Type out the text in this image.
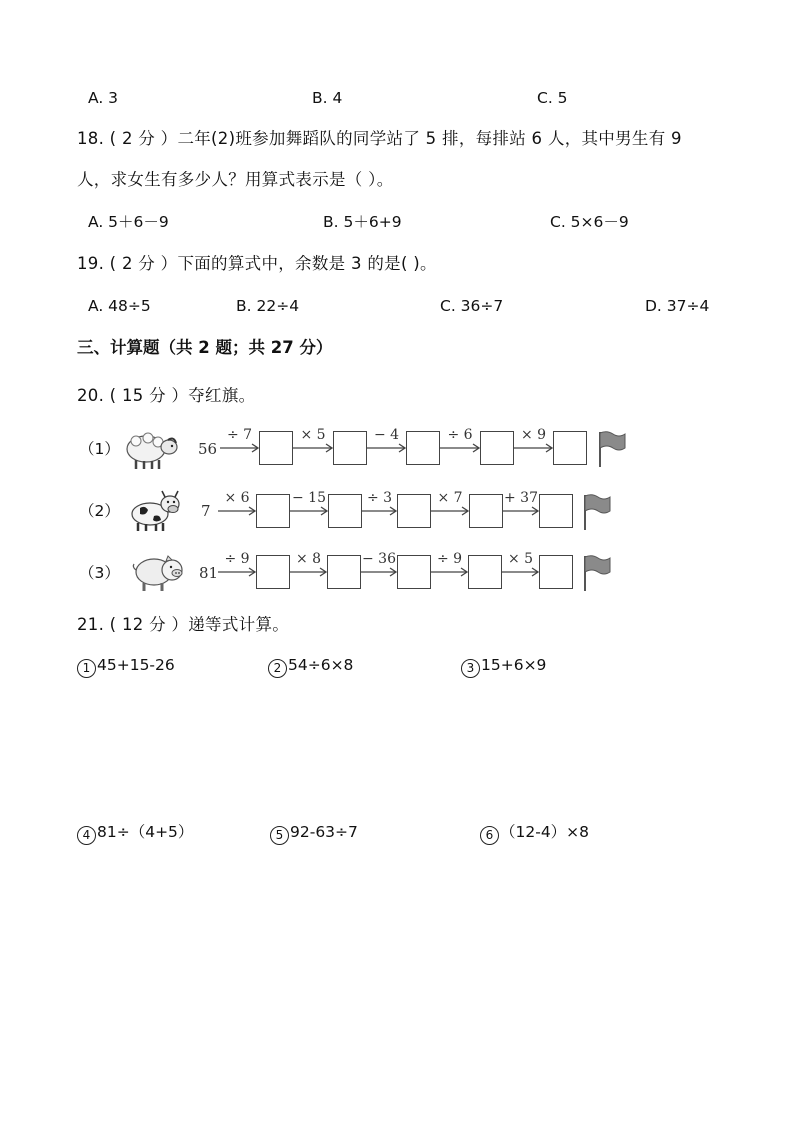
A. 3	B. 4	C. 5
18. ( 2 分 ）二年(2)班参加舞蹈队的同学站了 5 排，每排站 6 人，其中男生有 9
人，求女生有多少人？用算式表示是（ ）。
A. 5＋6－9	B. 5＋6+9	C. 5×6－9
19. ( 2 分 ）下面的算式中，余数是 3 的是( )。
A. 48÷5	B. 22÷4	C. 36÷7	D. 37÷4
三、计算题（共 2 题；共 27 分）
20. ( 15 分 ）夺红旗。
（1）	56
÷ 7	× 5	− 4	÷ 6	× 9
（2）	7
× 6	− 15	÷ 3	× 7	+ 37
（3）	81
÷ 9	× 8	− 36	÷ 9	× 5
21. ( 12 分 ）递等式计算。
1 45+15-26	2 54÷6×8	3 15+6×9
4 81÷（4+5）	5 92-63÷7	6 （12-4）×8
